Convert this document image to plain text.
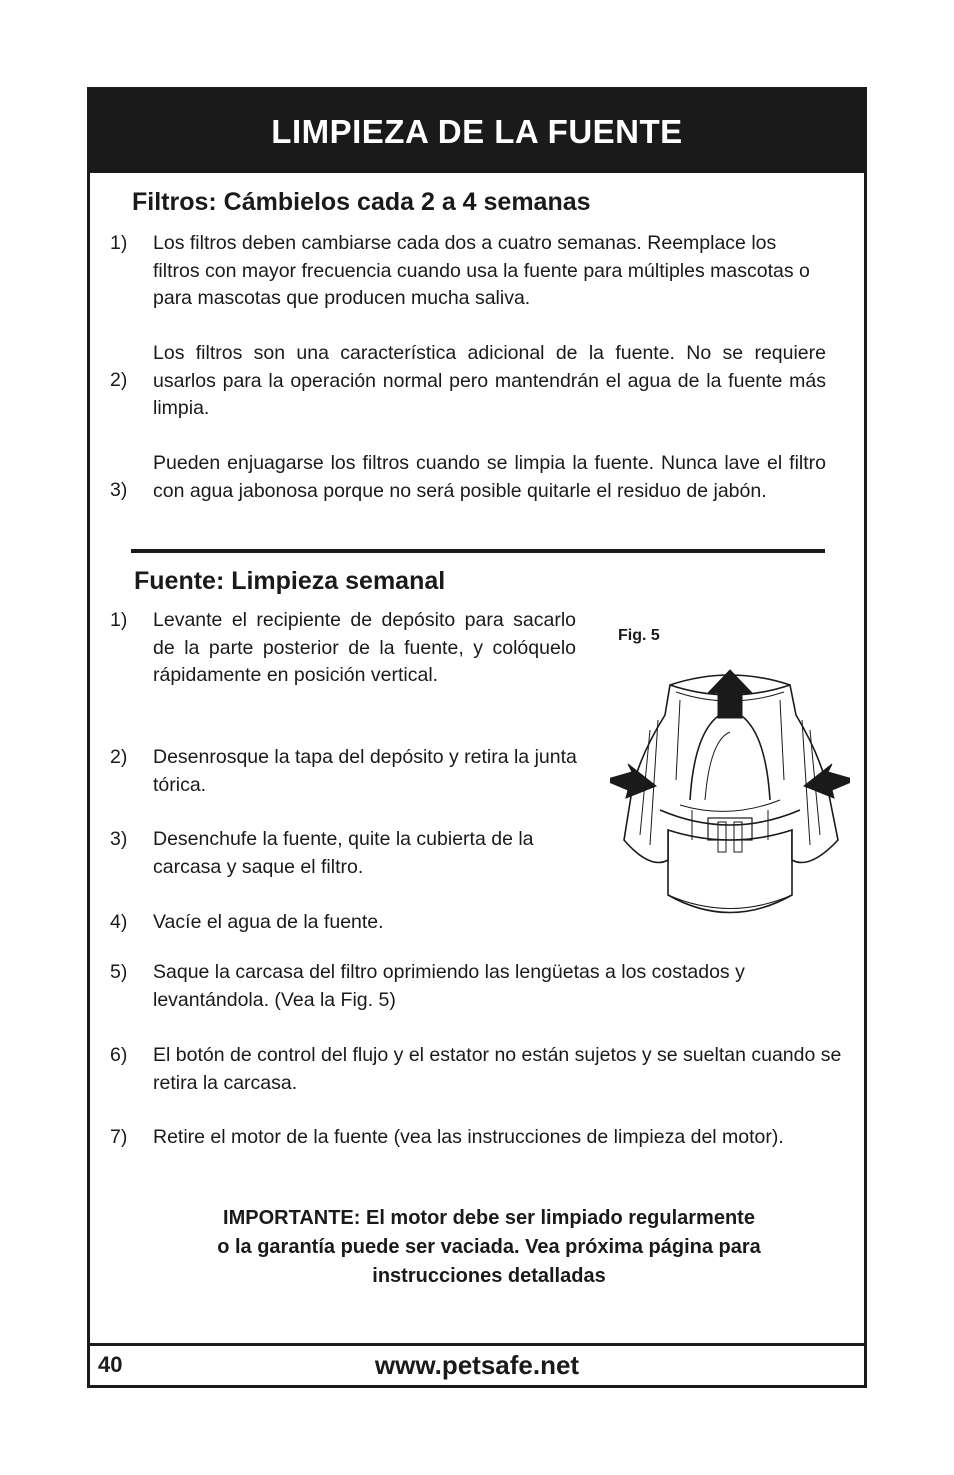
LIMPIEZA DE LA FUENTE
Filtros: Cámbielos cada 2 a 4 semanas
1) Los filtros deben cambiarse cada dos a cuatro semanas. Reemplace los filtros con mayor frecuencia cuando usa la fuente para múltiples mascotas o para mascotas que producen mucha saliva.
2)
Los filtros son una característica adicional de la fuente. No se requiere usarlos para la operación normal pero mantendrán el agua de la fuente más limpia.
3)
Pueden enjuagarse los filtros cuando se limpia la fuente. Nunca lave el filtro con agua jabonosa porque no será posible quitarle el residuo de jabón.
Fuente: Limpieza semanal
1) Levante el recipiente de depósito para sacarlo de la parte posterior de la fuente, y colóquelo rápidamente en posición vertical.
2) Desenrosque la tapa del depósito y retira la junta tórica.
3) Desenchufe la fuente, quite la cubierta de la carcasa y saque el filtro.
4) Vacíe el agua de la fuente.
5) Saque la carcasa del filtro oprimiendo las lengüetas a los costados y levantándola. (Vea la Fig. 5)
6) El botón de control del flujo y el estator no están sujetos y se sueltan cuando se retira la carcasa.
7) Retire el motor de la fuente (vea las instrucciones de limpieza del motor).
Fig. 5
IMPORTANTE: El motor debe ser limpiado regularmente
o la garantía puede ser vaciada. Vea próxima página para
instrucciones detalladas
www.petsafe.net
40
